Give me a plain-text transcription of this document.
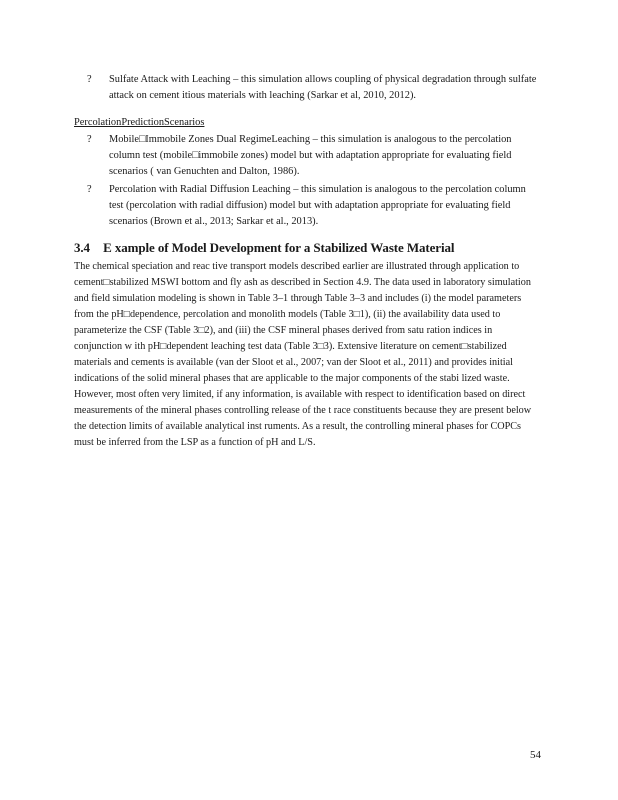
?	Sulfate Attack with Leaching – this simulation allows coupling of physical degradation through sulfate attack on cement itious materials with leaching (Sarkar et al, 2010, 2012).
PercolationPredictionScenarios
?	Mobile□Immobile Zones Dual RegimeLeaching – this simulation is analogous to the percolation column test (mobile□immobile zones) model but with adaptation appropriate for evaluating field scenarios ( van Genuchten and Dalton, 1986).
?	Percolation with Radial Diffusion Leaching – this simulation is analogous to the percolation column test (percolation with radial diffusion) model but with adaptation appropriate for evaluating field scenarios (Brown et al., 2013; Sarkar et al., 2013).
3.4 E xample of Model Development for a Stabilized Waste Material
The chemical speciation and reac tive transport models described earlier are illustrated through application to cement□stabilized MSWI bottom and fly ash as described in Section 4.9. The data used in laboratory simulation and field simulation modeling is shown in Table 3–1 through Table 3–3 and includes (i) the model parameters from the pH□dependence, percolation and monolith models (Table 3□1), (ii) the availability data used to parameterize the CSF (Table 3□2), and (iii) the CSF mineral phases derived from satu ration indices in conjunction w ith pH□dependent leaching test data (Table 3□3). Extensive literature on cement□stabilized materials and cements is available (van der Sloot et al., 2007; van der Sloot et al., 2011) and provides initial indications of the solid mineral phases that are applicable to the major components of the stabi lized waste. However, most often very limited, if any information, is available with respect to identification based on direct measurements of the mineral phases controlling release of the t race constituents because they are present below the detection limits of available analytical inst ruments. As a result, the controlling mineral phases for COPCs must be inferred from the LSP as a function of pH and L/S.
54
